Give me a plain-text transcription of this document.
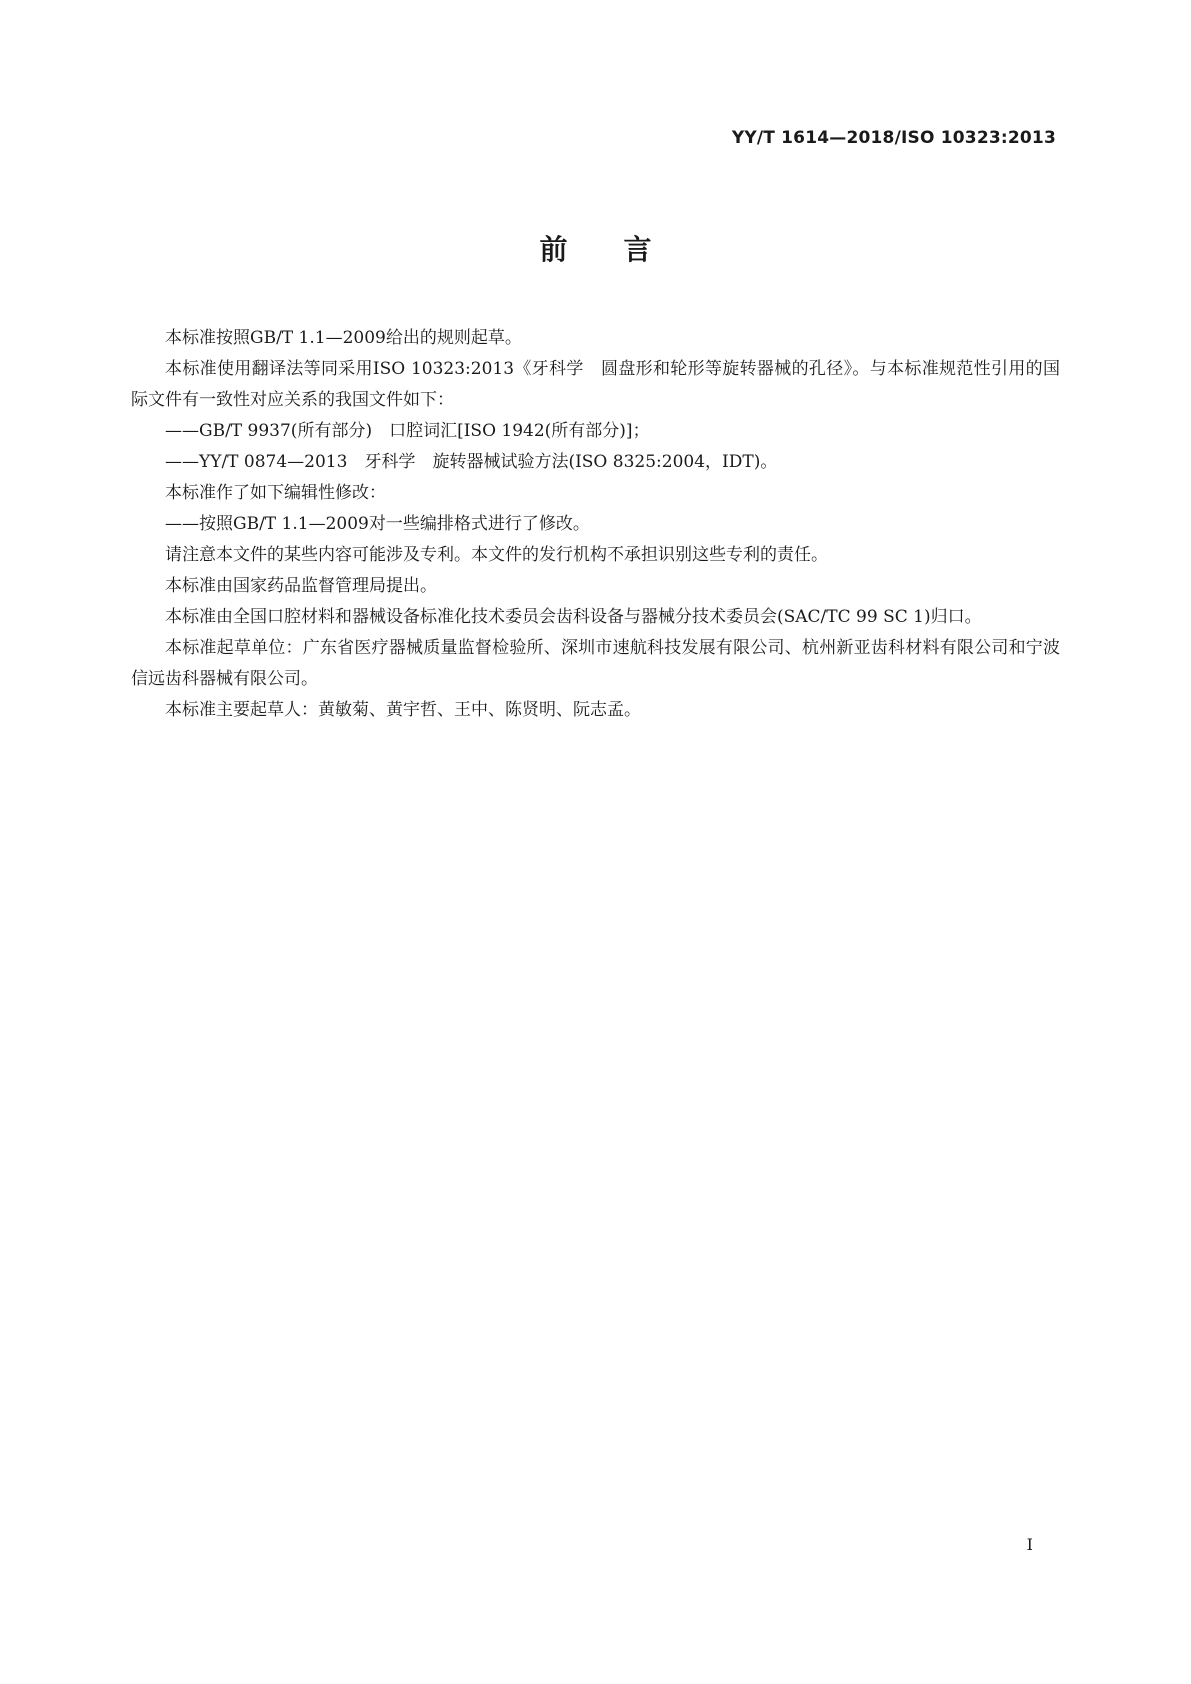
YY/T 1614—2018/ISO 10323:2013
前言

本标准按照GB/T 1.1—2009给出的规则起草。

本标准使用翻译法等同采用ISO 10323:2013《牙科学　圆盘形和轮形等旋转器械的孔径》。与本标准规范性引用的国际文件有一致性对应关系的我国文件如下：

——GB/T 9937(所有部分)　口腔词汇[ISO 1942(所有部分)]；

——YY/T 0874—2013　牙科学　旋转器械试验方法(ISO 8325:2004，IDT)。

本标准作了如下编辑性修改：

——按照GB/T 1.1—2009对一些编排格式进行了修改。

请注意本文件的某些内容可能涉及专利。本文件的发行机构不承担识别这些专利的责任。

本标准由国家药品监督管理局提出。

本标准由全国口腔材料和器械设备标准化技术委员会齿科设备与器械分技术委员会(SAC/TC 99 SC 1)归口。

本标准起草单位：广东省医疗器械质量监督检验所、深圳市速航科技发展有限公司、杭州新亚齿科材料有限公司和宁波信远齿科器械有限公司。

本标准主要起草人：黄敏菊、黄宇哲、王中、陈贤明、阮志孟。

I
